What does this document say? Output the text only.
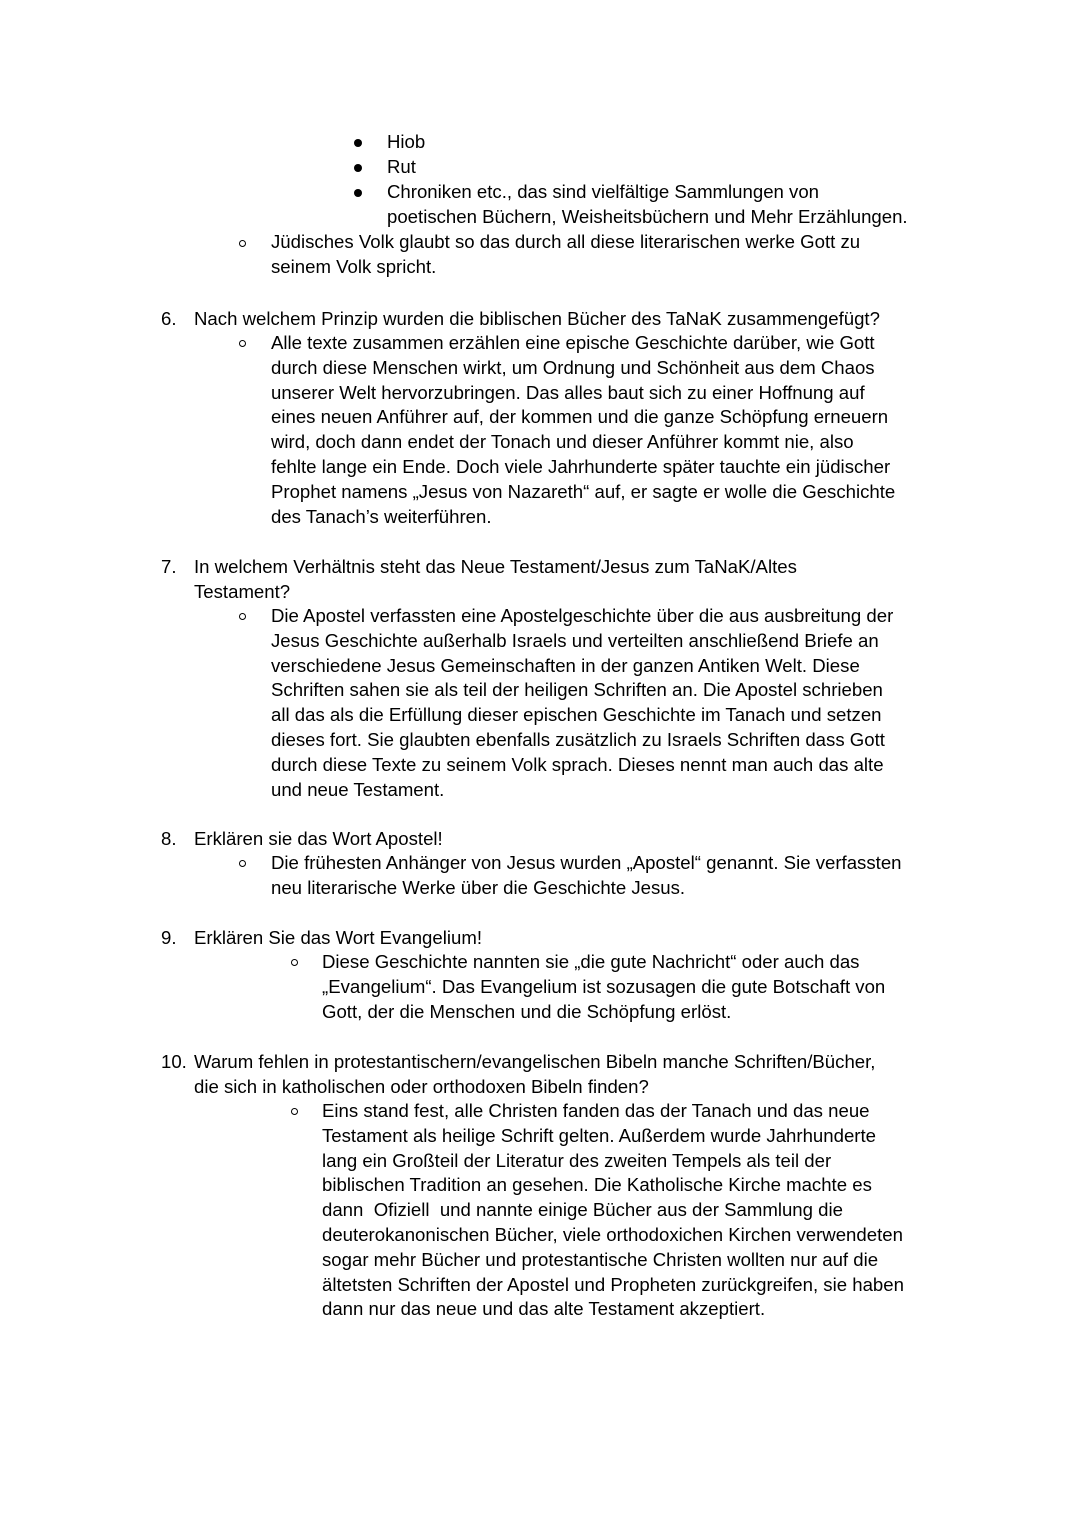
Hiob
Rut
Chroniken etc., das sind vielfältige Sammlungen von
poetischen Büchern, Weisheitsbüchern und Mehr Erzählungen.
Jüdisches Volk glaubt so das durch all diese literarischen werke Gott zu
seinem Volk spricht.
6. Nach welchem Prinzip wurden die biblischen Bücher des TaNaK zusammengefügt?
Alle texte zusammen erzählen eine epische Geschichte darüber, wie Gott
durch diese Menschen wirkt, um Ordnung und Schönheit aus dem Chaos
unserer Welt hervorzubringen. Das alles baut sich zu einer Hoffnung auf
eines neuen Anführer auf, der kommen und die ganze Schöpfung erneuern
wird, doch dann endet der Tonach und dieser Anführer kommt nie, also
fehlte lange ein Ende. Doch viele Jahrhunderte später tauchte ein jüdischer
Prophet namens „Jesus von Nazareth“ auf, er sagte er wolle die Geschichte
des Tanach’s weiterführen.
7. In welchem Verhältnis steht das Neue Testament/Jesus zum TaNaK/Altes
Testament?
Die Apostel verfassten eine Apostelgeschichte über die aus ausbreitung der
Jesus Geschichte außerhalb Israels und verteilten anschließend Briefe an
verschiedene Jesus Gemeinschaften in der ganzen Antiken Welt. Diese
Schriften sahen sie als teil der heiligen Schriften an. Die Apostel schrieben
all das als die Erfüllung dieser epischen Geschichte im Tanach und setzen
dieses fort. Sie glaubten ebenfalls zusätzlich zu Israels Schriften dass Gott
durch diese Texte zu seinem Volk sprach. Dieses nennt man auch das alte
und neue Testament.
8. Erklären sie das Wort Apostel!
Die frühesten Anhänger von Jesus wurden „Apostel“ genannt. Sie verfassten
neu literarische Werke über die Geschichte Jesus.
9. Erklären Sie das Wort Evangelium!
Diese Geschichte nannten sie „die gute Nachricht“ oder auch das
„Evangelium“. Das Evangelium ist sozusagen die gute Botschaft von
Gott, der die Menschen und die Schöpfung erlöst.
10. Warum fehlen in protestantischern/evangelischen Bibeln manche Schriften/Bücher,
die sich in katholischen oder orthodoxen Bibeln finden?
Eins stand fest, alle Christen fanden das der Tanach und das neue
Testament als heilige Schrift gelten. Außerdem wurde Jahrhunderte
lang ein Großteil der Literatur des zweiten Tempels als teil der
biblischen Tradition an gesehen. Die Katholische Kirche machte es
dann  Ofiziell  und nannte einige Bücher aus der Sammlung die
deuterokanonischen Bücher, viele orthodoxichen Kirchen verwendeten
sogar mehr Bücher und protestantische Christen wollten nur auf die
ältetsten Schriften der Apostel und Propheten zurückgreifen, sie haben
dann nur das neue und das alte Testament akzeptiert.
